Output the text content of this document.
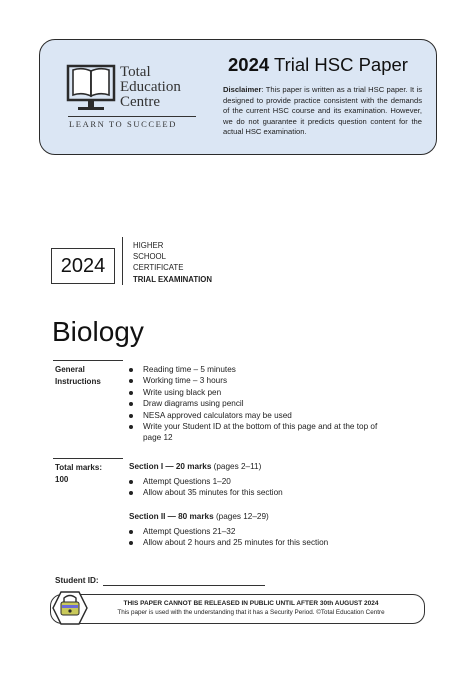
Total
Education
Centre
LEARN TO SUCCEED
2024 Trial HSC Paper
Disclaimer: This paper is written as a trial HSC paper. It is designed to provide practice consistent with the demands of the current HSC course and its examination. However, we do not guarantee it predicts question content for the actual HSC examination.
2024
HIGHER
SCHOOL
CERTIFICATE
TRIAL EXAMINATION
Biology
General
Instructions
Reading time – 5 minutes
Working time – 3 hours
Write using black pen
Draw diagrams using pencil
NESA approved calculators may be used
Write your Student ID at the bottom of this page and at the top of page 12
Total marks:
100
Section I — 20 marks (pages 2–11)
Attempt Questions 1–20
Allow about 35 minutes for this section
Section II — 80 marks (pages 12–29)
Attempt Questions 21–32
Allow about 2 hours and 25 minutes for this section
Student ID:
THIS PAPER CANNOT BE RELEASED IN PUBLIC UNTIL AFTER 30th AUGUST 2024
This paper is used with the understanding that it has a Security Period. ©Total Education Centre
